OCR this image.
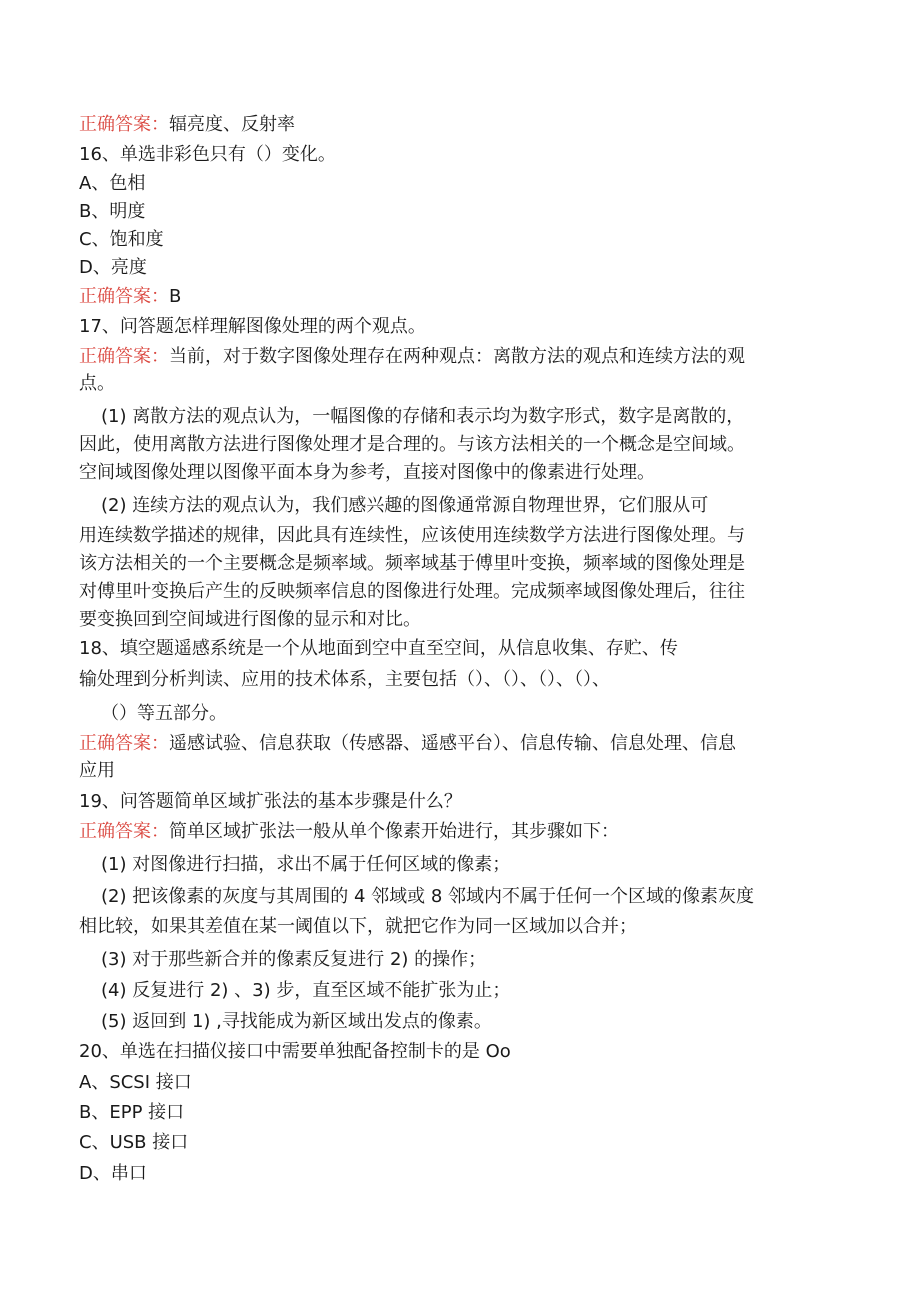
正确答案：辐亮度、反射率
16、单选非彩色只有（）变化。
A、色相
B、明度
C、饱和度
D、亮度
正确答案：B
17、问答题怎样理解图像处理的两个观点。
正确答案：当前，对于数字图像处理存在两种观点：离散方法的观点和连续方法的观
点。
(1) 离散方法的观点认为，一幅图像的存储和表示均为数字形式，数字是离散的，
因此，使用离散方法进行图像处理才是合理的。与该方法相关的一个概念是空间域。
空间域图像处理以图像平面本身为参考，直接对图像中的像素进行处理。
(2) 连续方法的观点认为，我们感兴趣的图像通常源自物理世界，它们服从可
用连续数学描述的规律，因此具有连续性，应该使用连续数学方法进行图像处理。与
该方法相关的一个主要概念是频率域。频率域基于傅里叶变换，频率域的图像处理是
对傅里叶变换后产生的反映频率信息的图像进行处理。完成频率域图像处理后，往往
要变换回到空间域进行图像的显示和对比。
18、填空题遥感系统是一个从地面到空中直至空间，从信息收集、存贮、传
输处理到分析判读、应用的技术体系，主要包括（）、（）、（）、（）、
（）等五部分。
正确答案：遥感试验、信息获取（传感器、遥感平台）、信息传输、信息处理、信息
应用
19、问答题简单区域扩张法的基本步骤是什么？
正确答案：简单区域扩张法一般从单个像素开始进行，其步骤如下：
(1) 对图像进行扫描，求出不属于任何区域的像素；
(2) 把该像素的灰度与其周围的 4 邻域或 8 邻域内不属于任何一个区域的像素灰度
相比较，如果其差值在某一阈值以下，就把它作为同一区域加以合并；
(3) 对于那些新合并的像素反复进行 2) 的操作；
(4) 反复进行 2) 、3) 步，直至区域不能扩张为止；
(5) 返回到 1) ,寻找能成为新区域出发点的像素。
20、单选在扫描仪接口中需要单独配备控制卡的是 Oo
A、SCSI 接口
B、EPP 接口
C、USB 接口
D、串口
